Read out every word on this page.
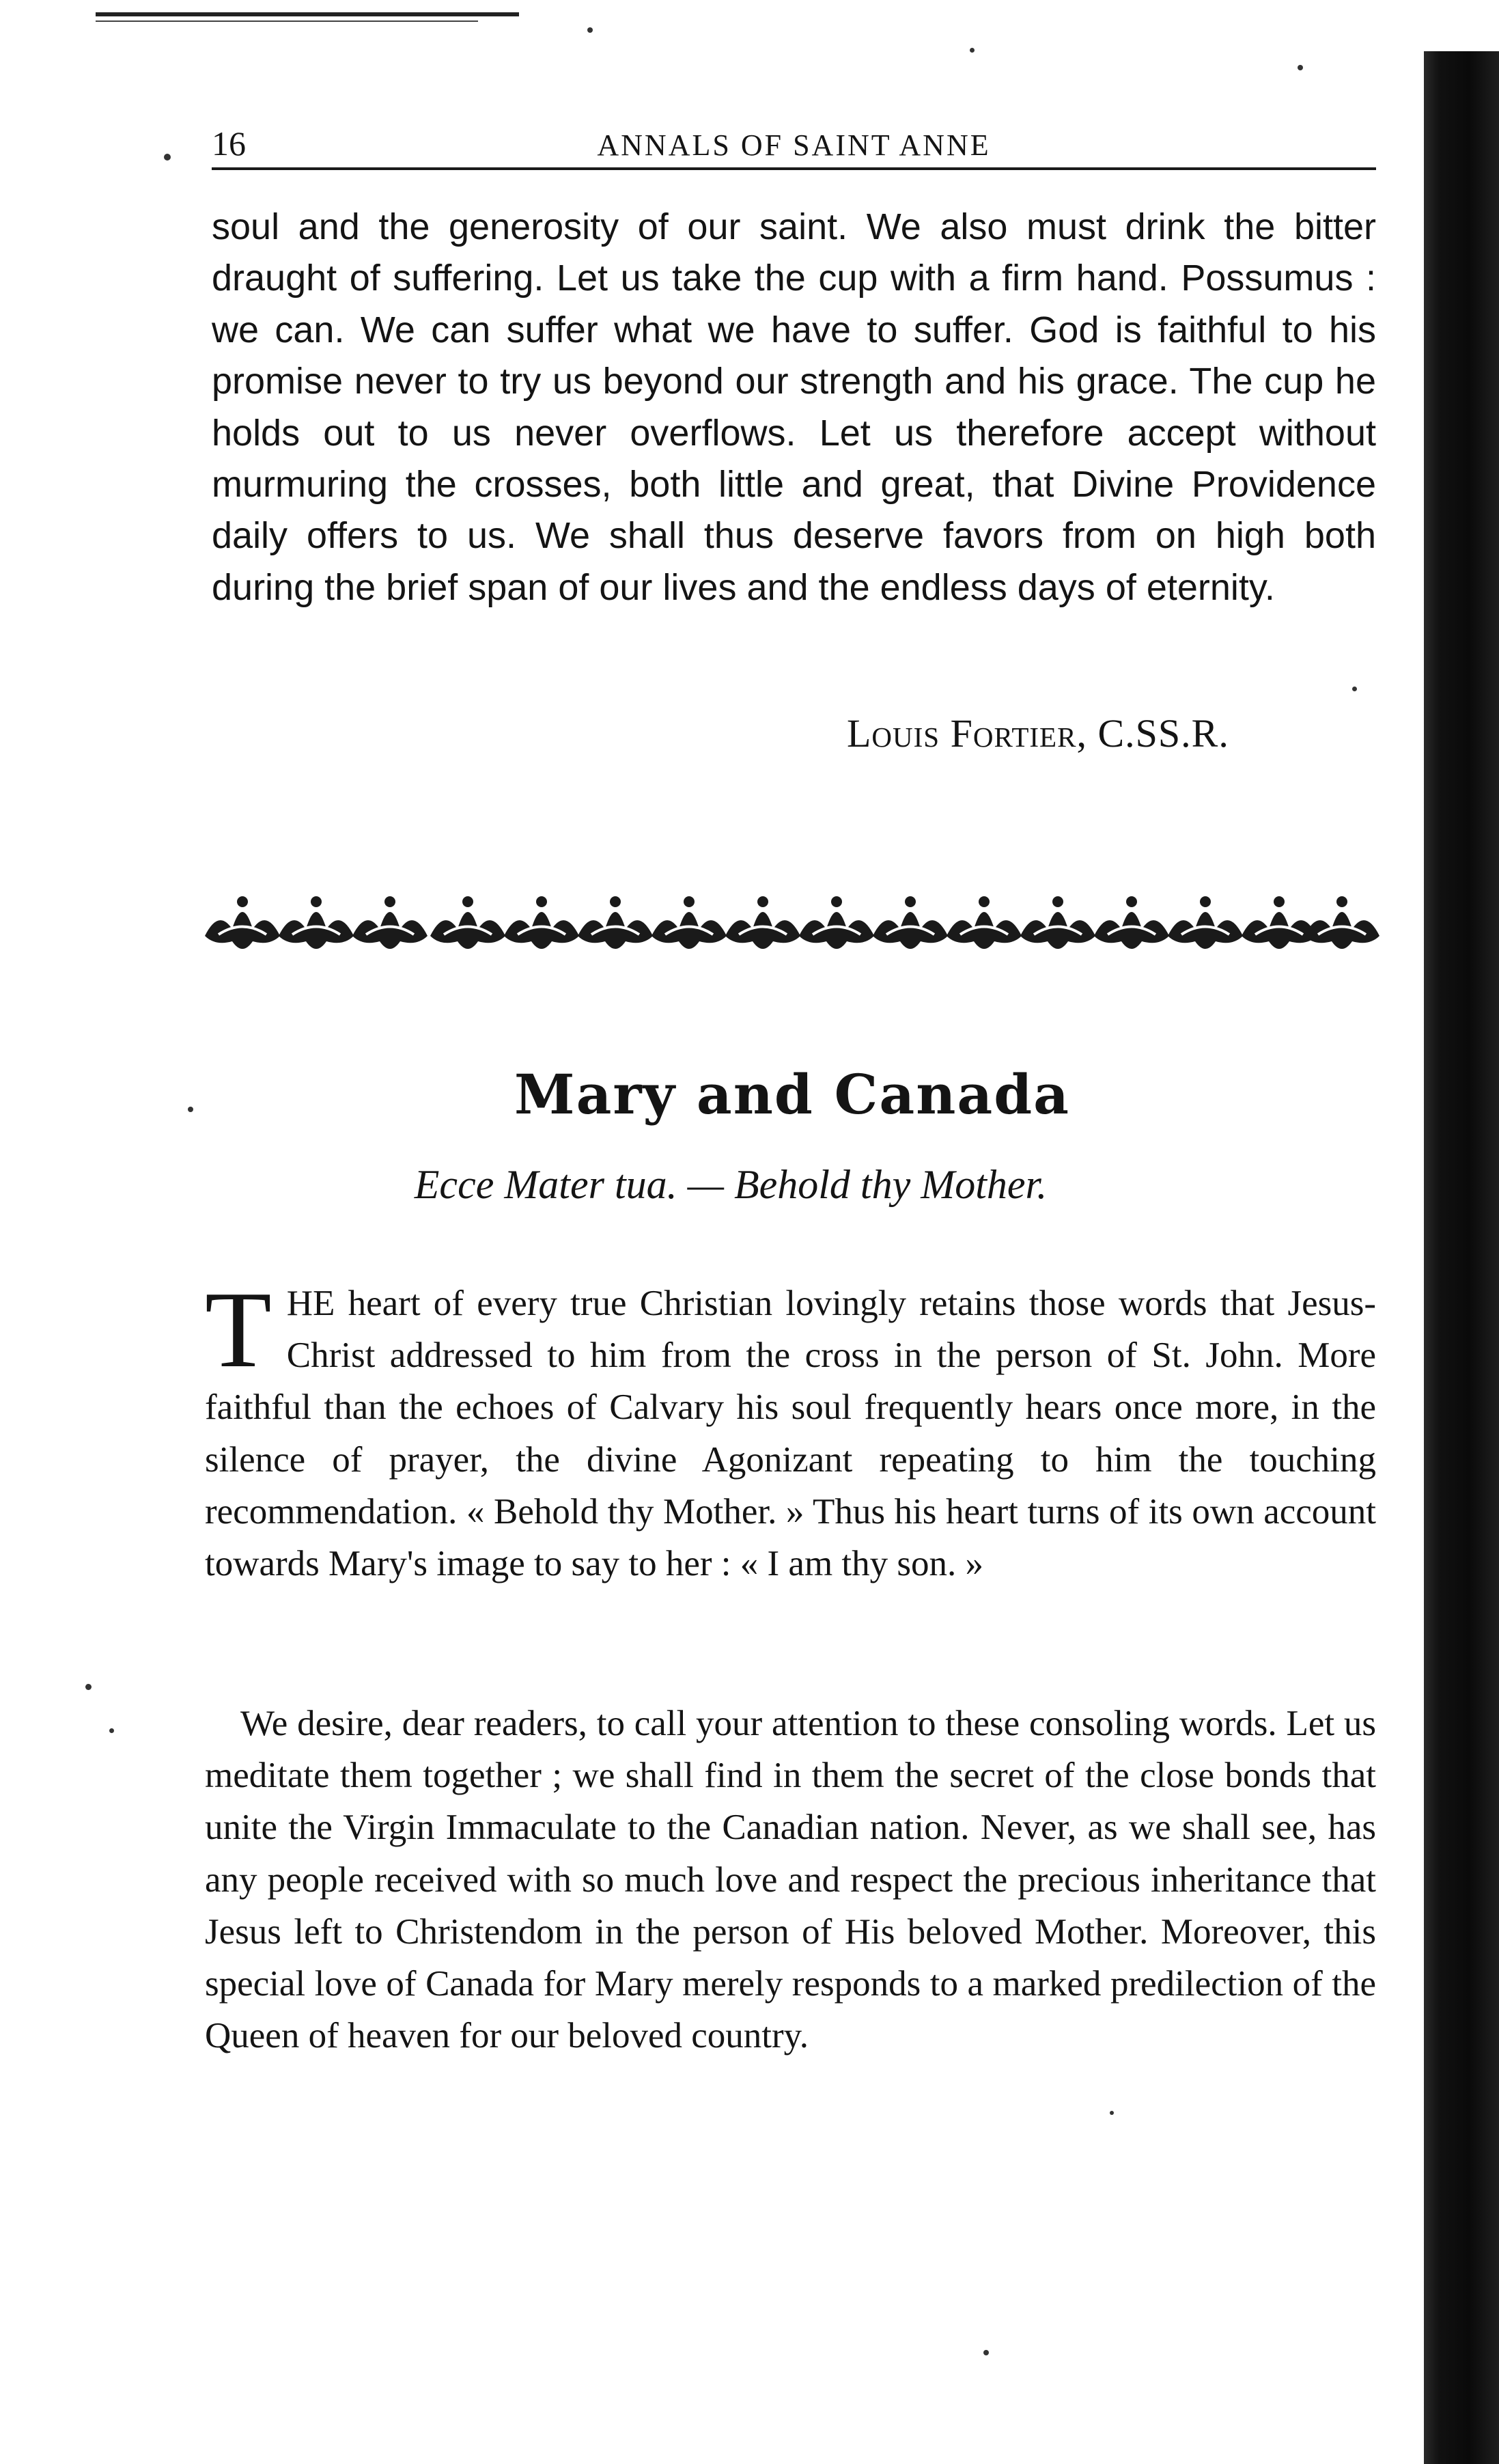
16	ANNALS OF SAINT ANNE
soul and the generosity of our saint. We also must drink the bitter draught of suffering. Let us take the cup with a firm hand. Possumus : we can. We can suffer what we have to suffer. God is faithful to his promise never to try us beyond our strength and his grace. The cup he holds out to us never overflows. Let us therefore accept without murmuring the crosses, both little and great, that Divine Providence daily offers to us. We shall thus deserve favors from on high both during the brief span of our lives and the endless days of eternity.
Louis Fortier, C.SS.R.
Mary and Canada
Ecce Mater tua. — Behold thy Mother.
THE heart of every true Christian lovingly retains those words that Jesus-Christ addressed to him from the cross in the person of St. John. More faithful than the echoes of Calvary his soul frequently hears once more, in the silence of prayer, the divine Agonizant repeating to him the touching recommendation. « Behold thy Mother. » Thus his heart turns of its own account towards Mary's image to say to her : « I am thy son. »
We desire, dear readers, to call your attention to these consoling words. Let us meditate them together ; we shall find in them the secret of the close bonds that unite the Virgin Immaculate to the Canadian nation. Never, as we shall see, has any people received with so much love and respect the precious inheritance that Jesus left to Christendom in the person of His beloved Mother. Moreover, this special love of Canada for Mary merely responds to a marked predilection of the Queen of heaven for our beloved country.
